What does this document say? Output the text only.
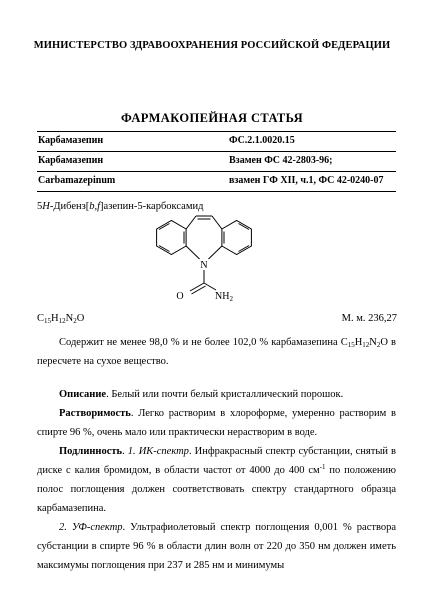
МИНИСТЕРСТВО ЗДРАВООХРАНЕНИЯ РОССИЙСКОЙ ФЕДЕРАЦИИ
ФАРМАКОПЕЙНАЯ СТАТЬЯ
Карбамазепин	ФС.2.1.0020.15
Карбамазепин	Взамен ФС 42-2803-96;
Carbamazepinum	взамен ГФ XII, ч.1, ФС 42-0240-07
5H-Дибенз[b,f]азепин-5-карбоксамид
N
O	$NH_2$
$C_{15}H_{12}N_2O$	М. м. 236,27
Содержит не менее 98,0 % и не более 102,0 % карбамазепина $C_{15}H_{12}N_2O$ в пересчете на сухое вещество.
Описание. Белый или почти белый кристаллический порошок.
Растворимость. Легко растворим в хлороформе, умеренно растворим в спирте 96 %, очень мало или практически нерастворим в воде.
Подлинность. 1. ИК-спектр. Инфракрасный спектр субстанции, снятый в диске с калия бромидом, в области частот от 4000 до 400 $см^{-1}$ по положению полос поглощения должен соответствовать спектру стандартного образца карбамазепина.
2. УФ-спектр. Ультрафиолетовый спектр поглощения 0,001 % раствора субстанции в спирте 96 % в области длин волн от 220 до 350 нм должен иметь максимумы поглощения при 237 и 285 нм и минимумы
